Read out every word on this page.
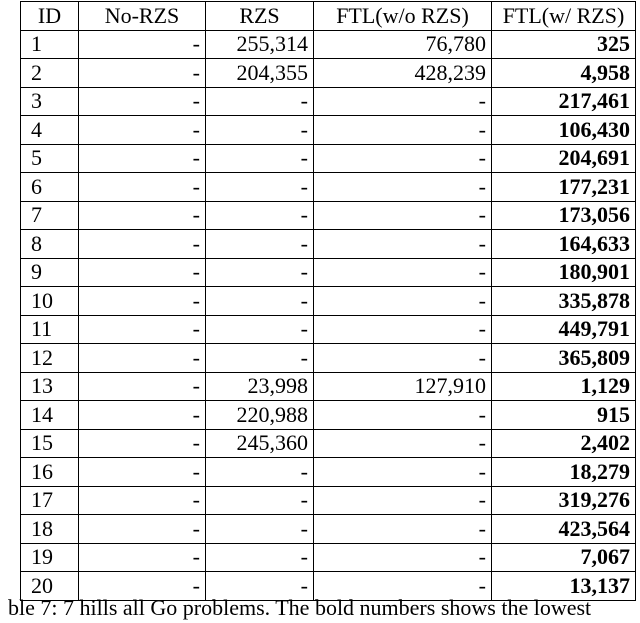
ID	No-RZS	RZS	FTL(w/o RZS)	FTL(w/ RZS)
1	-	255,314	76,780	325
2	-	204,355	428,239	4,958
3	-	-	-	217,461
4	-	-	-	106,430
5	-	-	-	204,691
6	-	-	-	177,231
7	-	-	-	173,056
8	-	-	-	164,633
9	-	-	-	180,901
10	-	-	-	335,878
11	-	-	-	449,791
12	-	-	-	365,809
13	-	23,998	127,910	1,129
14	-	220,988	-	915
15	-	245,360	-	2,402
16	-	-	-	18,279
17	-	-	-	319,276
18	-	-	-	423,564
19	-	-	-	7,067
20	-	-	-	13,137
ble 7: 7 hills all Go problems. The bold numbers shows the lowest
